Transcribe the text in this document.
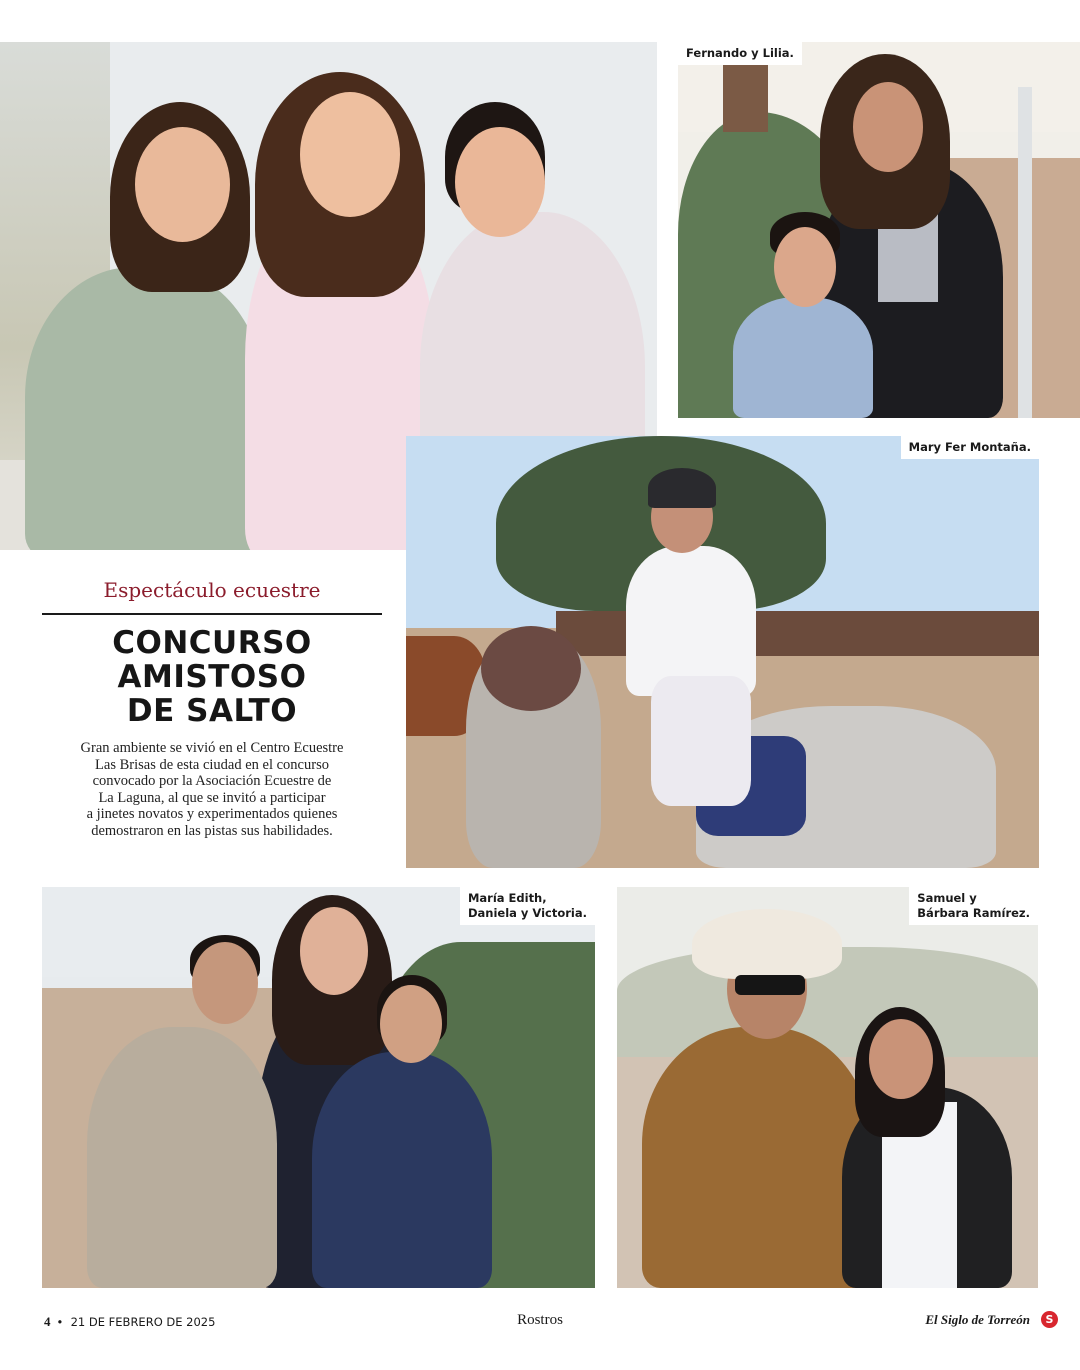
Fernando y Lilia.
Mary Fer Montaña.
Espectáculo ecuestre
CONCURSO
AMISTOSO
DE SALTO
Gran ambiente se vivió en el Centro Ecuestre
Las Brisas de esta ciudad en el concurso
convocado por la Asociación Ecuestre de
La Laguna, al que se invitó a participar
a jinetes novatos y experimentados quienes
demostraron en las pistas sus habilidades.
María Edith,
Daniela y Victoria.
Samuel y
Bárbara Ramírez.
4 • 21 DE FEBRERO DE 2025	Rostros	El Siglo de Torreón	S
